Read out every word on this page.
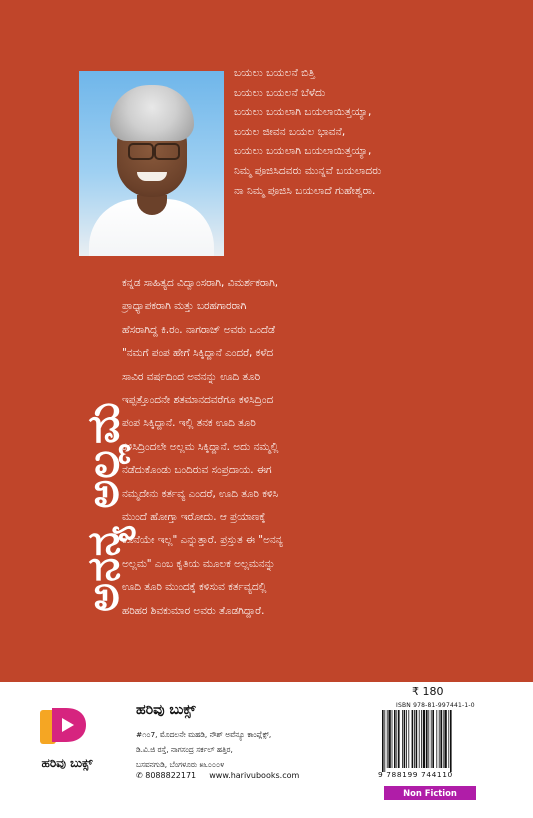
ಬಯಲು ಬಯಲನೆ ಬಿತ್ತಿ
ಬಯಲು ಬಯಲನೆ ಬೆಳೆದು
ಬಯಲು ಬಯಲಾಗಿ ಬಯಲಾಯಿತ್ತಯ್ಯಾ,
ಬಯಲ ಜೀವನ ಬಯಲ ಭಾವನೆ,
ಬಯಲು ಬಯಲಾಗಿ ಬಯಲಾಯಿತ್ತಯ್ಯಾ,
ನಿಮ್ಮ ಪೂಜಿಸಿದವರು ಮುನ್ನವೆ ಬಯಲಾದರು
ನಾ ನಿಮ್ಮ ಪೂಜಿಸಿ ಬಯಲಾದೆ ಗುಹೇಶ್ವರಾ.
ಅನನ್ಯ ಅಲ್ಲಮ
ಕನ್ನಡ ಸಾಹಿತ್ಯದ ವಿದ್ವಾಂಸರಾಗಿ, ವಿಮರ್ಶಕರಾಗಿ,
ಪ್ರಾಧ್ಯಾಪಕರಾಗಿ ಮತ್ತು ಬರಹಗಾರರಾಗಿ
ಹೆಸರಾಗಿದ್ದ ಕಿ.ರಂ. ನಾಗರಾಜ್ ಅವರು ಒಂದೆಡೆ
"ನಮಗೆ ಪಂಪ ಹೇಗೆ ಸಿಕ್ಕಿದ್ದಾನೆ ಎಂದರೆ, ಕಳೆದ
ಸಾವಿರ ವರ್ಷದಿಂದ ಅವನನ್ನು ಊದಿ ತೂರಿ
ಇಪ್ಪತ್ತೊಂದನೇ ಶತಮಾನದವರೆಗೂ ಕಳಿಸಿದ್ರಿಂದ
ಪಂಪ ಸಿಕ್ಕಿದ್ದಾನೆ. ಇಲ್ಲಿ ತನಕ ಊದಿ ತೂರಿ
ಕಳಿಸಿದ್ರಿಂದಲೇ ಅಲ್ಲಮ ಸಿಕ್ಕಿದ್ದಾನೆ. ಅದು ನಮ್ಮಲ್ಲಿ
ನಡೆದುಕೊಂಡು ಬಂದಿರುವ ಸಂಪ್ರದಾಯ. ಈಗ
ನಮ್ಮದೇನು ಕರ್ತವ್ಯ ಎಂದರೆ, ಊದಿ ತೂರಿ ಕಳಿಸಿ
ಮುಂದೆ ಹೋಗ್ತಾ ಇರೋದು. ಆ ಪ್ರಯಾಣಕ್ಕೆ
ಕೊನೆಯೇ ಇಲ್ಲ" ಎನ್ನುತ್ತಾರೆ. ಪ್ರಸ್ತುತ ಈ "ಅನನ್ಯ
ಅಲ್ಲಮ" ಎಂಬ ಕೃತಿಯ ಮೂಲಕ ಅಲ್ಲಮನನ್ನು
ಊದಿ ತೂರಿ ಮುಂದಕ್ಕೆ ಕಳಿಸುವ ಕರ್ತವ್ಯದಲ್ಲಿ
ಹರಿಹರ ಶಿವಕುಮಾರ ಅವರು ತೊಡಗಿದ್ದಾರೆ.
ಹರಿವು ಬುಕ್ಸ್
ಹರಿವು ಬುಕ್ಸ್
#೧೦7, ಮೊದಲನೇ ಮಹಡಿ, ನೌಶ್ ಅವೆನ್ಯೂ ಕಾಂಪ್ಲೆಕ್ಸ್,
ಡಿ.ವಿ.ಜಿ ರಸ್ತೆ, ನಾಗಸಂದ್ರ ಸರ್ಕಲ್ ಹತ್ತಿರ,
ಬಸವನಗುಡಿ, ಬೆಂಗಳೂರು ೫೬೦೦೦೪
✆ 8088822171 www.harivubooks.com
₹ 180
ISBN 978-81-997441-1-0
9 788199 744110
Non Fiction
